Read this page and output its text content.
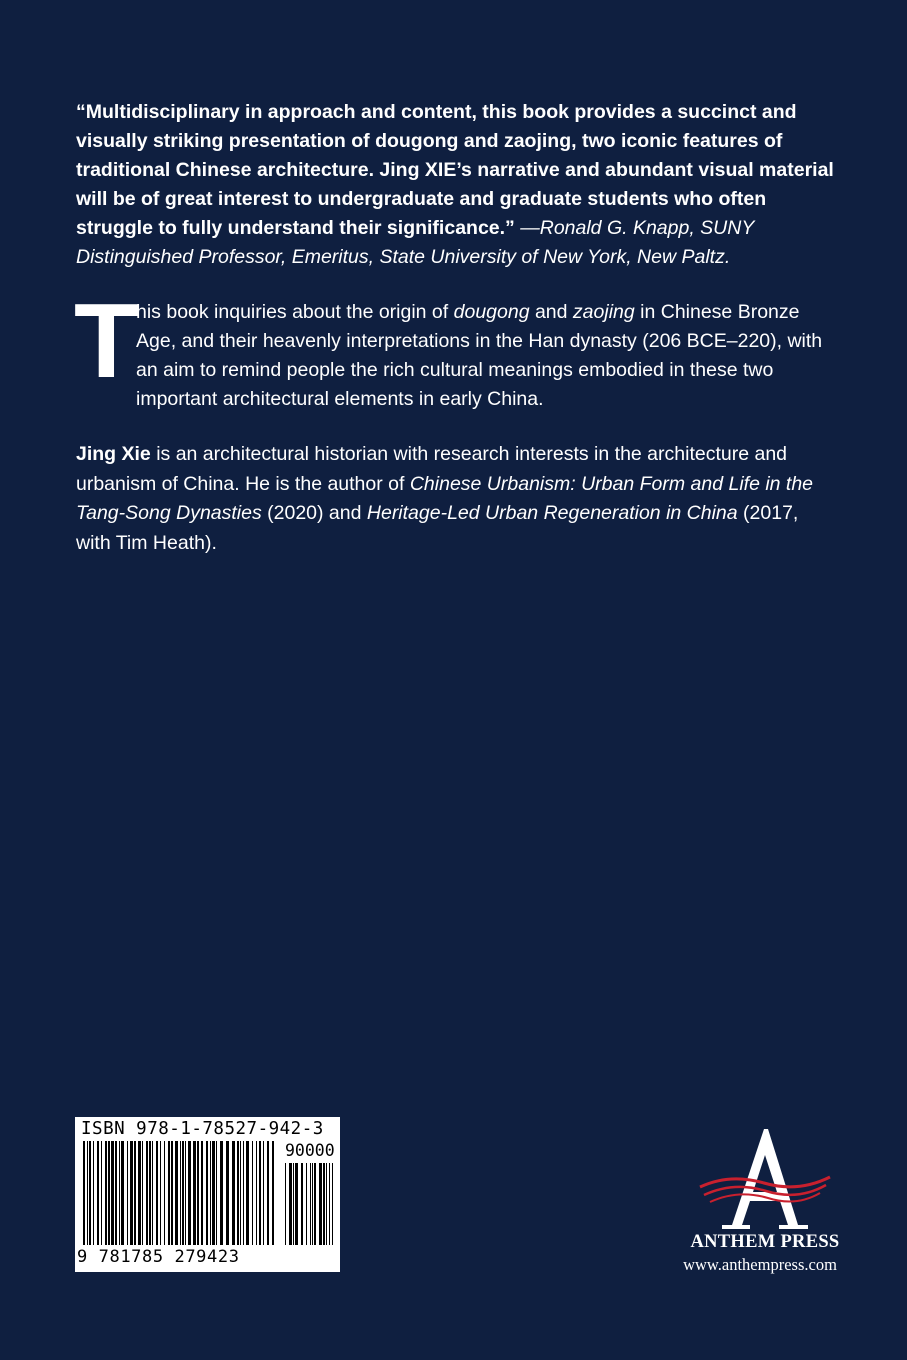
“Multidisciplinary in approach and content, this book provides a succinct and visually striking presentation of dougong and zaojing, two iconic features of traditional Chinese architecture. Jing XIE’s narrative and abundant visual material will be of great interest to undergraduate and graduate students who often struggle to fully understand their significance.” —Ronald G. Knapp, SUNY Distinguished Professor, Emeritus, State University of New York, New Paltz.
T
his book inquiries about the origin of dougong and zaojing in Chinese Bronze Age, and their heavenly interpretations in the Han dynasty (206 BCE–220), with an aim to remind people the rich cultural meanings embodied in these two important architectural elements in early China.
Jing Xie is an architectural historian with research interests in the architecture and urbanism of China. He is the author of Chinese Urbanism: Urban Form and Life in the Tang-Song Dynasties (2020) and Heritage-Led Urban Regeneration in China (2017, with Tim Heath).
ISBN 978-1-78527-942-3
90000
9 781785 279423
ANTHEM PRESS
www.anthempress.com
